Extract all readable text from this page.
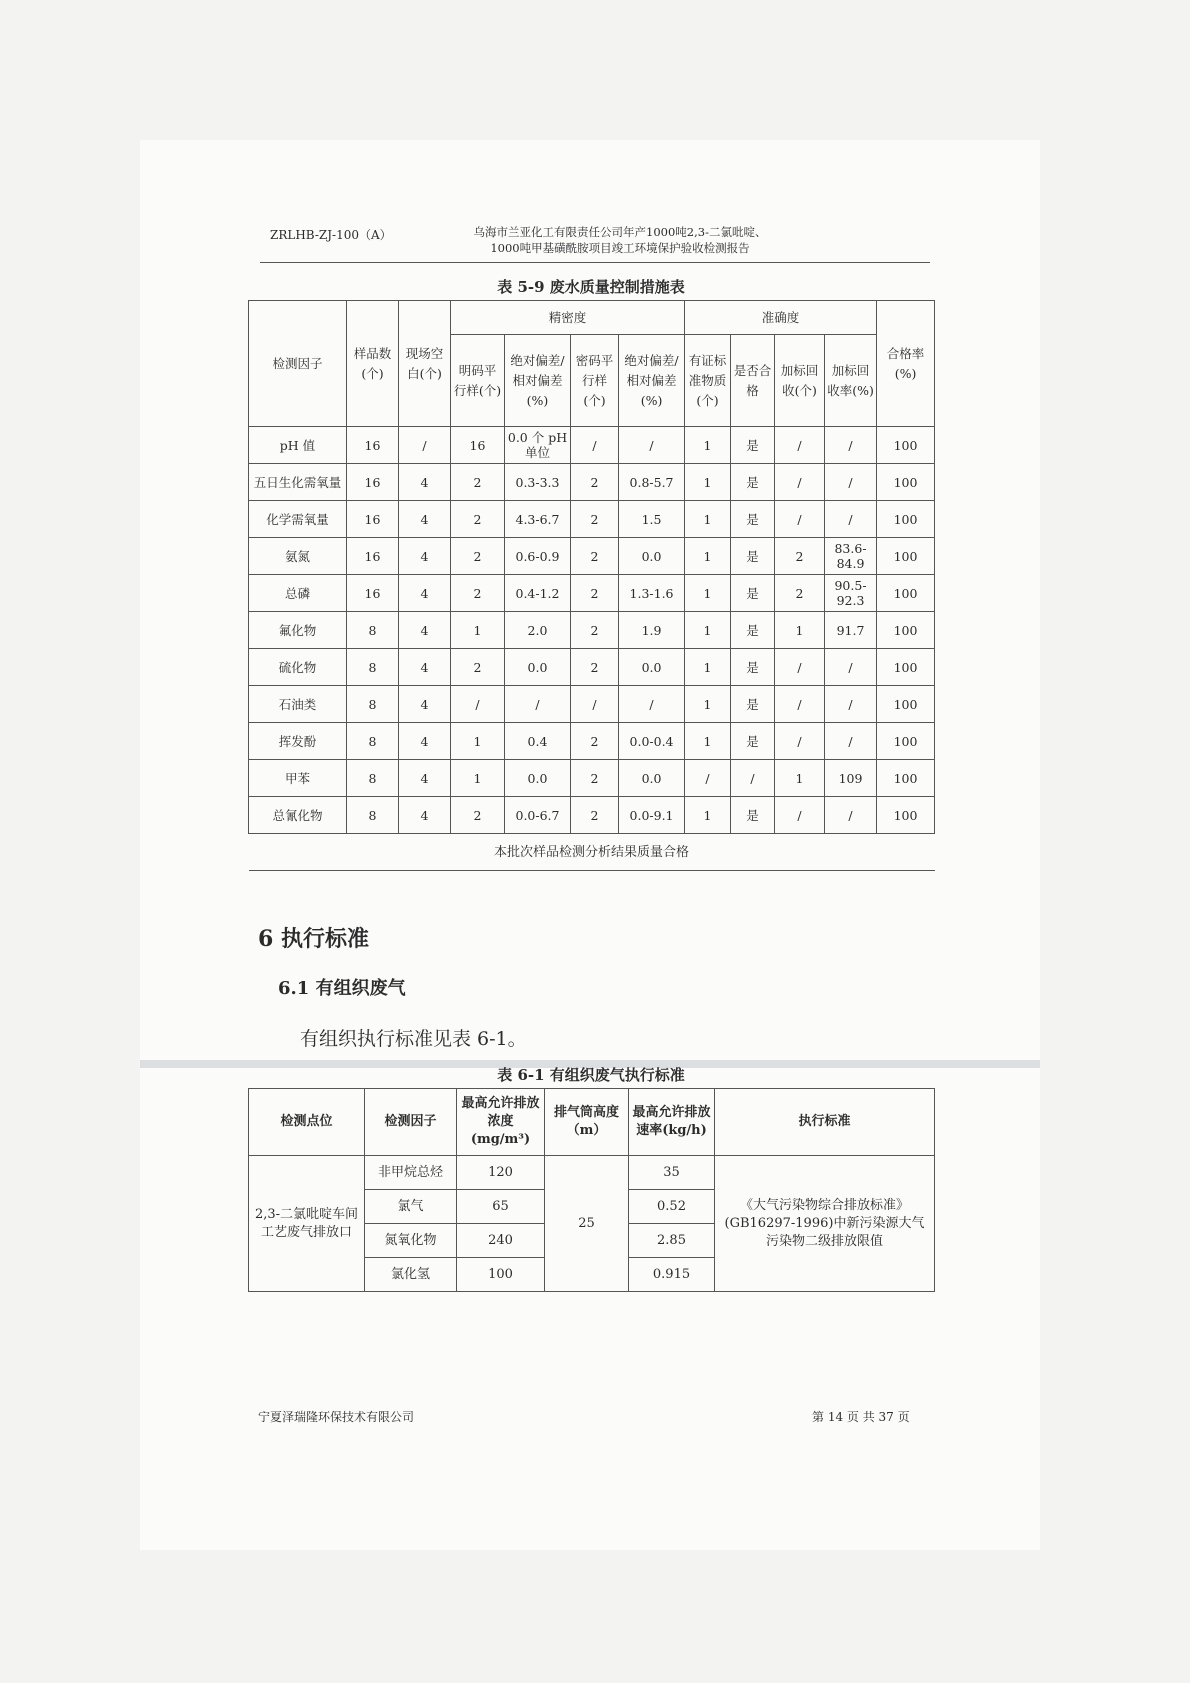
ZRLHB-ZJ-100（A）	乌海市兰亚化工有限责任公司年产1000吨2,3-二氯吡啶、
1000吨甲基磺酰胺项目竣工环境保护验收检测报告
表 5-9 废水质量控制措施表
检测因子	样品数(个)	现场空白(个)	精密度				准确度				合格率(%)
			明码平行样(个)	绝对偏差/相对偏差(%)	密码平行样(个)	绝对偏差/相对偏差(%)	有证标准物质(个)	是否合格	加标回收(个)	加标回收率(%)	
pH 值	16	/	16	0.0 个 pH 单位	/	/	1	是	/	/	100
五日生化需氧量	16	4	2	0.3-3.3	2	0.8-5.7	1	是	/	/	100
化学需氧量	16	4	2	4.3-6.7	2	1.5	1	是	/	/	100
氨氮	16	4	2	0.6-0.9	2	0.0	1	是	2	83.6-84.9	100
总磷	16	4	2	0.4-1.2	2	1.3-1.6	1	是	2	90.5-92.3	100
氟化物	8	4	1	2.0	2	1.9	1	是	1	91.7	100
硫化物	8	4	2	0.0	2	0.0	1	是	/	/	100
石油类	8	4	/	/	/	/	1	是	/	/	100
挥发酚	8	4	1	0.4	2	0.0-0.4	1	是	/	/	100
甲苯	8	4	1	0.0	2	0.0	/	/	1	109	100
总氰化物	8	4	2	0.0-6.7	2	0.0-9.1	1	是	/	/	100
本批次样品检测分析结果质量合格											
6 执行标准
6.1 有组织废气
有组织执行标准见表 6-1。
表 6-1 有组织废气执行标准
检测点位	检测因子	最高允许排放浓度(mg/m³)	排气筒高度（m）	最高允许排放速率(kg/h)	执行标准
2,3-二氯吡啶车间工艺废气排放口	非甲烷总烃	120	25	35	《大气污染物综合排放标准》(GB16297-1996)中新污染源大气污染物二级排放限值
	氯气	65		0.52	
	氮氧化物	240		2.85	
	氯化氢	100		0.915	
宁夏泽瑞隆环保技术有限公司	第 14 页 共 37 页
